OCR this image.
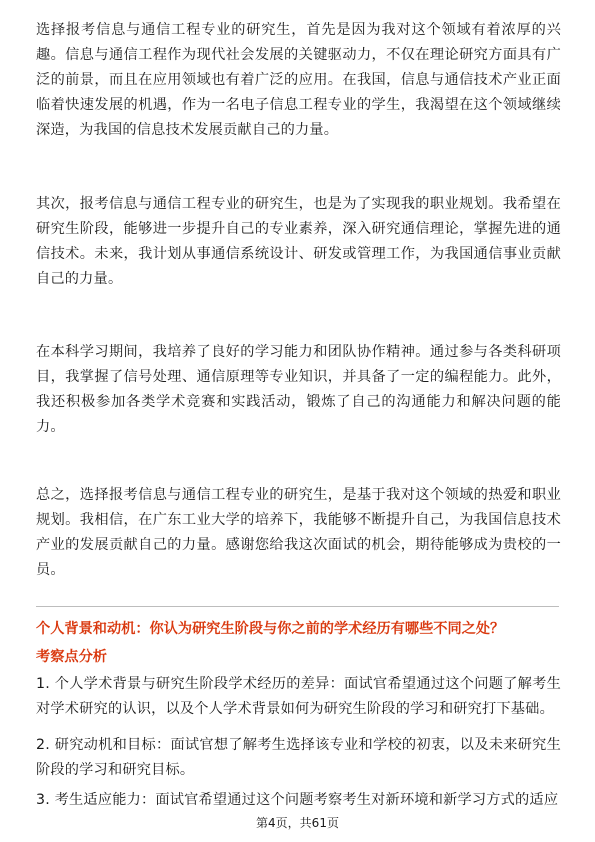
选择报考信息与通信工程专业的研究生，首先是因为我对这个领域有着浓厚的兴趣。信息与通信工程作为现代社会发展的关键驱动力，不仅在理论研究方面具有广泛的前景，而且在应用领域也有着广泛的应用。在我国，信息与通信技术产业正面临着快速发展的机遇，作为一名电子信息工程专业的学生，我渴望在这个领域继续深造，为我国的信息技术发展贡献自己的力量。

其次，报考信息与通信工程专业的研究生，也是为了实现我的职业规划。我希望在研究生阶段，能够进一步提升自己的专业素养，深入研究通信理论，掌握先进的通信技术。未来，我计划从事通信系统设计、研发或管理工作，为我国通信事业贡献自己的力量。

在本科学习期间，我培养了良好的学习能力和团队协作精神。通过参与各类科研项目，我掌握了信号处理、通信原理等专业知识，并具备了一定的编程能力。此外，我还积极参加各类学术竞赛和实践活动，锻炼了自己的沟通能力和解决问题的能力。

总之，选择报考信息与通信工程专业的研究生，是基于我对这个领域的热爱和职业规划。我相信，在广东工业大学的培养下，我能够不断提升自己，为我国信息技术产业的发展贡献自己的力量。感谢您给我这次面试的机会，期待能够成为贵校的一员。

个人背景和动机：你认为研究生阶段与你之前的学术经历有哪些不同之处？

考察点分析

1. 个人学术背景与研究生阶段学术经历的差异：面试官希望通过这个问题了解考生对学术研究的认识，以及个人学术背景如何为研究生阶段的学习和研究打下基础。

2. 研究动机和目标：面试官想了解考生选择该专业和学校的初衷，以及未来研究生阶段的学习和研究目标。

3. 考生适应能力：面试官希望通过这个问题考察考生对新环境和新学习方式的适应

第4页，共61页
